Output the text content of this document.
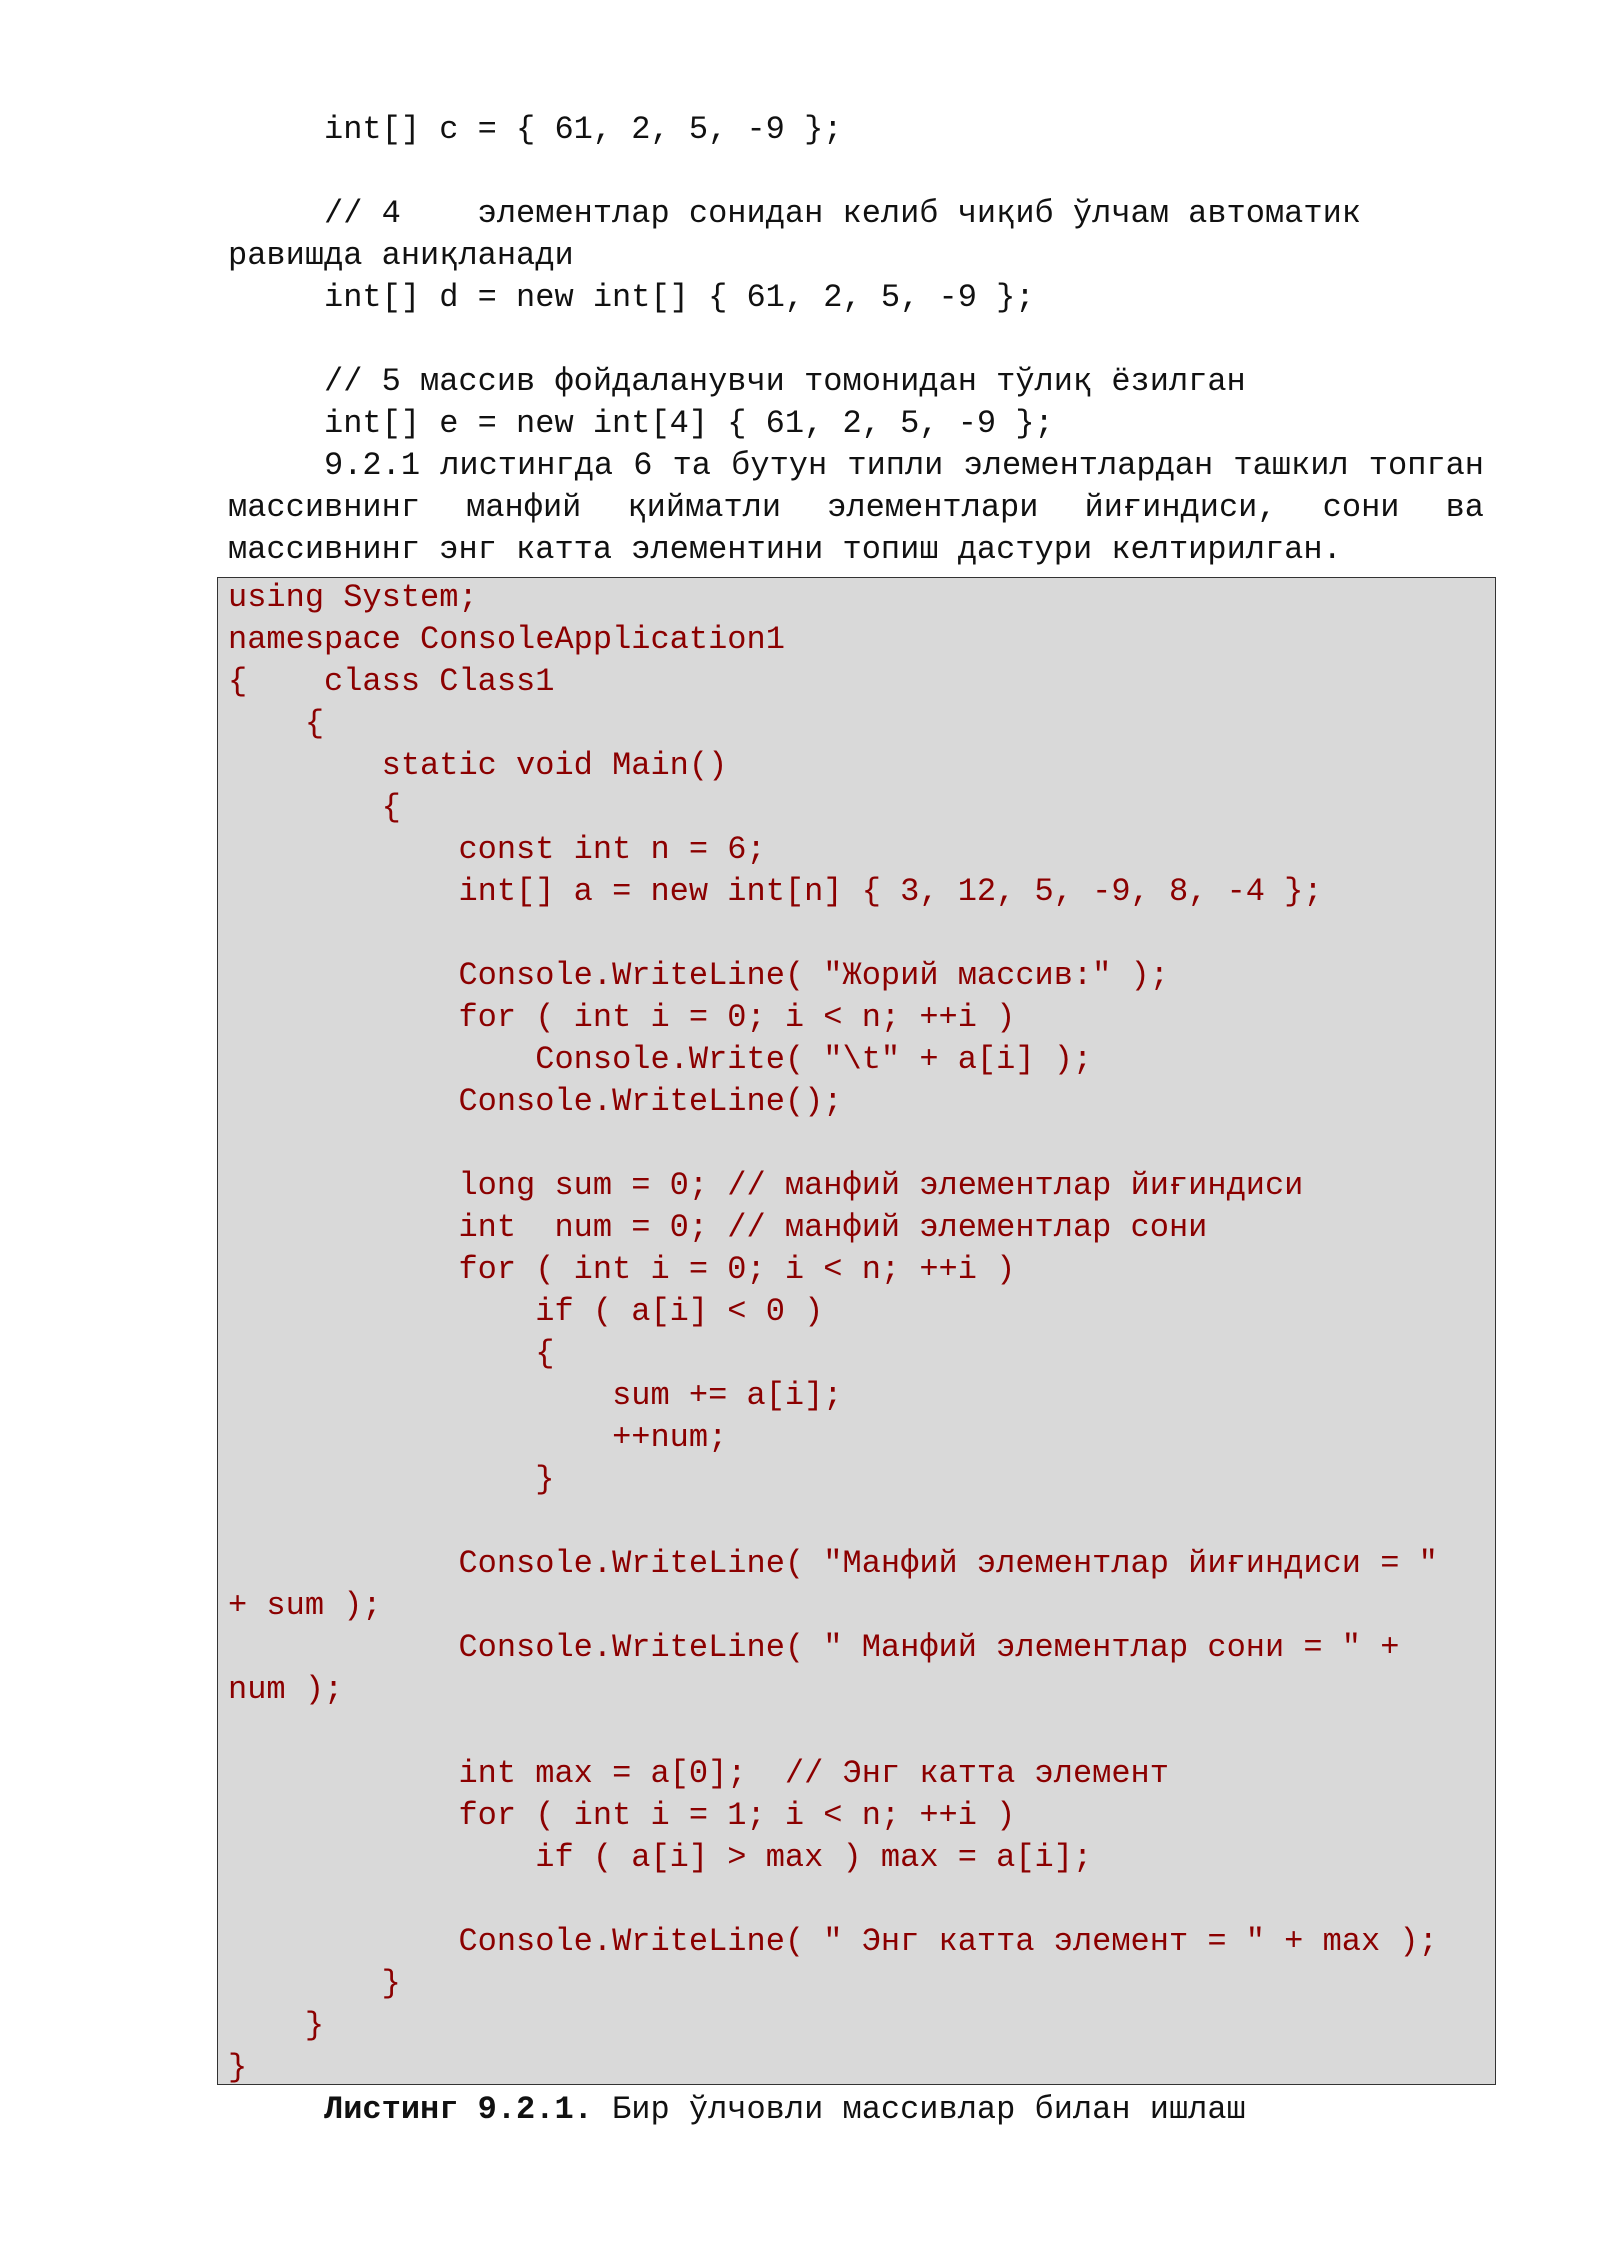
int[] c = { 61, 2, 5, -9 };
// 4    элементлар сонидан келиб чиқиб ўлчам автоматик
равишда аниқланади
int[] d = new int[] { 61, 2, 5, -9 };
// 5 массив фойдаланувчи томонидан тўлиқ ёзилган
int[] e = new int[4] { 61, 2, 5, -9 };
9.2.1 листингда 6 та бутун типли элементлардан ташкил топган
массивнинг манфий қийматли элементлари йиғиндиси, сони ва
массивнинг энг катта элементини топиш дастури келтирилган.
using System;
namespace ConsoleApplication1
{    class Class1
{
static void Main()
{
const int n = 6;
int[] a = new int[n] { 3, 12, 5, -9, 8, -4 };
Console.WriteLine( "Жорий массив:" );
for ( int i = 0; i < n; ++i )
Console.Write( "\t" + a[i] );
Console.WriteLine();
long sum = 0; // манфий элементлар йиғиндиси
int  num = 0; // манфий элементлар сони
for ( int i = 0; i < n; ++i )
if ( a[i] < 0 )
{
sum += a[i];
++num;
}
Console.WriteLine( "Манфий элементлар йиғиндиси = "
+ sum );
Console.WriteLine( " Манфий элементлар сони = " +
num );
int max = a[0];  // Энг катта элемент
for ( int i = 1; i < n; ++i )
if ( a[i] > max ) max = a[i];
Console.WriteLine( " Энг катта элемент = " + max );
}
}
}
Листинг 9.2.1. Бир ўлчовли массивлар билан ишлаш
